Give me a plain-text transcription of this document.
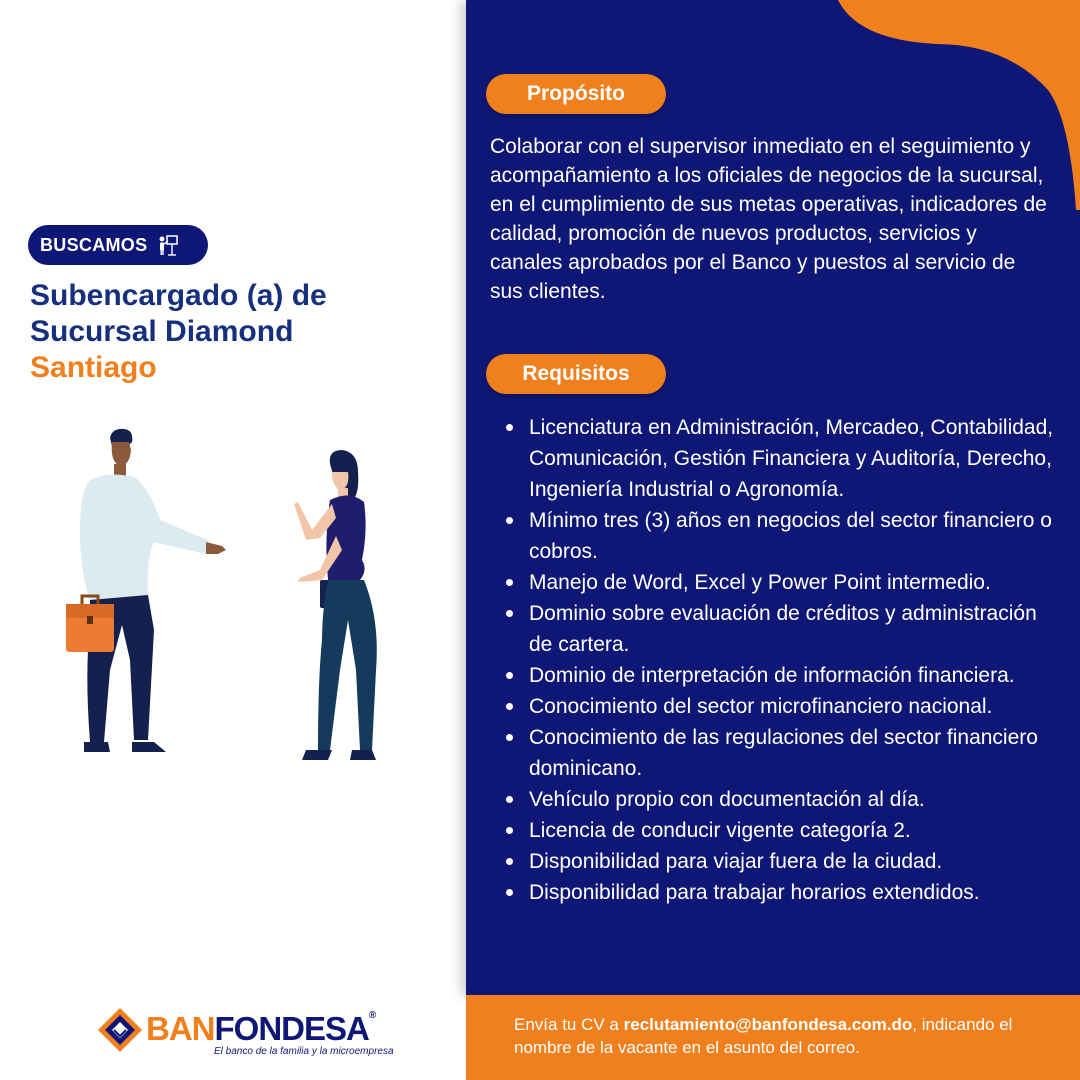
BUSCAMOS
Subencargado (a) de Sucursal Diamond
Santiago
BANFONDESA®
El banco de la familia y la microempresa
Propósito

Colaborar con el supervisor inmediato en el seguimiento y acompañamiento a los oficiales de negocios de la sucursal, en el cumplimiento de sus metas operativas, indicadores de calidad, promoción de nuevos productos, servicios y canales aprobados por el Banco y puestos al servicio de sus clientes.

Requisitos
Licenciatura en Administración, Mercadeo, Contabilidad, Comunicación, Gestión Financiera y Auditoría, Derecho, Ingeniería Industrial o Agronomía.
Mínimo tres (3) años en negocios del sector financiero o cobros.
Manejo de Word, Excel y Power Point intermedio.
Dominio sobre evaluación de créditos y administración de cartera.
Dominio de interpretación de información financiera.
Conocimiento del sector microfinanciero nacional.
Conocimiento de las regulaciones del sector financiero dominicano.
Vehículo propio con documentación al día.
Licencia de conducir vigente categoría 2.
Disponibilidad para viajar fuera de la ciudad.
Disponibilidad para trabajar horarios extendidos.
Envía tu CV a reclutamiento@banfondesa.com.do, indicando el nombre de la vacante en el asunto del correo.
